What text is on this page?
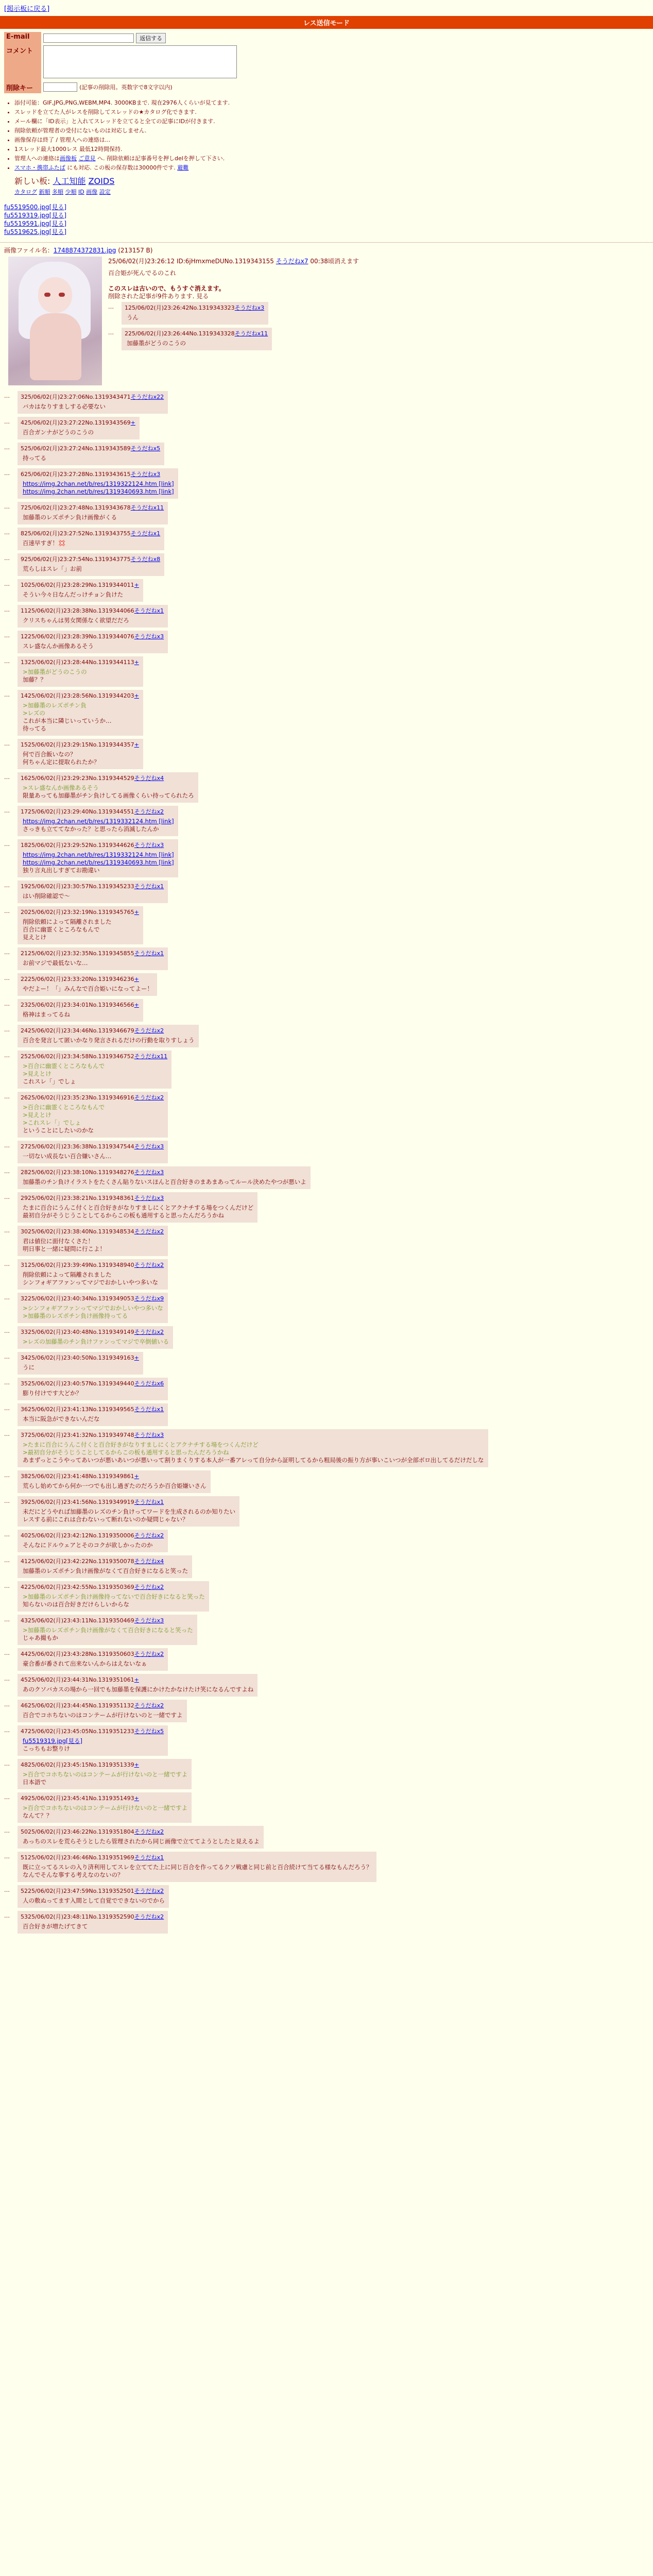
[掲示板に戻る]
レス送信モード
E-mail	返信する
コメント	
削除キー	(記事の削除用。英数字で8文字以内)
• 添付可能：GIF,JPG,PNG,WEBM,MP4. 3000KBまで. 現在2976人くらいが見てます.
• スレッドを立てた人がレスを削除してスレッドの★カタログ化できます.
• メール欄に「ID表示」と入れてスレッドを立てると全ての記事にIDが付きます.
• 削除依頼が管理者の受付にないものは対応しません.
• 画像保存は終了 / 管理人への連絡は...
• 1スレッド最大1000レス 最低12時間保持.
• 管理人への連絡は画像板 ご意見 へ. 削除依頼は記事番号を押しdelを押して下さい.
• スマホ・携帯ふたば にも対応. この板の保存数は30000件です. 避難
新しい板: 人工知能 ZOIDS
カタログ 新順 多順 少順 ID 画像 設定
fu5519500.jpg[見る]
fu5519319.jpg[見る]
fu5519591.jpg[見る]
fu5519625.jpg[見る]
画像ファイル名：1748874372831.jpg (213157 B)
25/06/02(月)23:26:12 ID:6jHmxmeDUNo.1319343155 そうだねx7 00:38頃消えます
百合姫が死んでるのこれ

このスレは古いので、もうすぐ消えます。
削除された記事が9件あります. 見る
…	125/06/02(月)23:26:42No.1319343323そうだねx3
うん
…	225/06/02(月)23:26:44No.1319343328そうだねx11
加藤墨がどうのこうの
…	325/06/02(月)23:27:06No.1319343471そうだねx22
バカはなりすましする必要ない
…	425/06/02(月)23:27:22No.1319343569+
百合ガンナがどうのこうの
…	525/06/02(月)23:27:24No.1319343589そうだねx5
持ってる
…	625/06/02(月)23:27:28No.1319343615そうだねx3
https://img.2chan.net/b/res/1319322124.htm [link]
https://img.2chan.net/b/res/1319340693.htm [link]
…	725/06/02(月)23:27:48No.1319343678そうだねx11
加藤墨のレズポチン負け画像がくる
…	825/06/02(月)23:27:52No.1319343755そうだねx1
百速早すぎ！💢
…	925/06/02(月)23:27:54No.1319343775そうだねx8
荒らしはスレ「」お前
…	1025/06/02(月)23:28:29No.1319344011+
そうい今々日なんだっけチョン負けた
…	1125/06/02(月)23:28:38No.1319344066そうだねx1
クリスちゃんは男女関係なく欲望だだろ
…	1225/06/02(月)23:28:39No.1319344076そうだねx3
スレ盛なんか画像あるそう
…	1325/06/02(月)23:28:44No.1319344113+
>加藤墨がどうのこうの
加藤？？
…	1425/06/02(月)23:28:56No.1319344203+
>加藤墨のレズポチン負
>レズの
これが本当に隣じいっていうか…
待ってる
…	1525/06/02(月)23:29:15No.1319344357+
何で百合飯いなの？
何ちゃん定に提取られたか？
…	1625/06/02(月)23:29:23No.1319344529そうだねx4
>スレ盛なんか画像あるそう
限量あっても加藤墨がチン負けしてる画像くらい持ってられたろ
…	1725/06/02(月)23:29:40No.1319344551そうだねx2
https://img.2chan.net/b/res/1319332124.htm [link]
さっきも立ててなかった？と思ったら消滅したんか
…	1825/06/02(月)23:29:52No.1319344626そうだねx3
https://img.2chan.net/b/res/1319332124.htm [link]
https://img.2chan.net/b/res/1319340693.htm [link]
独り言丸出しすぎてお勘違い
…	1925/06/02(月)23:30:57No.1319345233そうだねx1
はい削除確認で～
…	2025/06/02(月)23:32:19No.1319345765+
削除依頼によって隔離されました
百合に幽霊くところなもんで
見えとけ
…	2125/06/02(月)23:32:35No.1319345855そうだねx1
お前マジで最低ないな…
…	2225/06/02(月)23:33:20No.1319346236+
やだよー！「」みんなで百合姫いになってよー！
…	2325/06/02(月)23:34:01No.1319346566+
格神はまってるね
…	2425/06/02(月)23:34:46No.1319346679そうだねx2
百合を発言して匿いかなり発言されるだけの行動を取りすしょう
…	2525/06/02(月)23:34:58No.1319346752そうだねx11
>百合に幽霊くところなもんで
>見えとけ
これスレ「」でしょ
…	2625/06/02(月)23:35:23No.1319346916そうだねx2
>百合に幽霊くところなもんで
>見えとけ
>これスレ「」でしょ
ということにしたいのかな
…	2725/06/02(月)23:36:38No.1319347544そうだねx3
一切ない成長ない百合嫌いさん…
…	2825/06/02(月)23:38:10No.1319348276そうだねx3
加藤墨のチン負けイラストをたくさん貼りないスほんと百合好きのまあまあってルール決めたやつが悪いよ
…	2925/06/02(月)23:38:21No.1319348361そうだねx3
たまに百合にうんこ付くと百合好きがなりすましにくとアクナチする場をつくんだけど
最初自分がそうじうことしてるからこの板も通用すると思ったんだろうかね
…	3025/06/02(月)23:38:40No.1319348534そうだねx2
君は値位に面付なくさた！
明日事と一緒に疑問に行こよ！
…	3125/06/02(月)23:39:49No.1319348940そうだねx2
削除依頼によって隔離されました
シンフォギアファンってマジでおかしいやつ多いな
…	3225/06/02(月)23:40:34No.1319349053そうだねx9
>シンフォギアファンってマジでおかしいやつ多いな
>加藤墨のレズポチン負け画像持ってる
…	3325/06/02(月)23:40:48No.1319349149そうだねx2
>レズの加藤墨のチン負けファンってマジで卒倒値いる
…	3425/06/02(月)23:40:50No.1319349163+
うに
…	3525/06/02(月)23:40:57No.1319349440そうだねx6
膨り付けです大どか？
…	3625/06/02(月)23:41:13No.1319349565そうだねx1
本当に阪急ができないんだな
…	3725/06/02(月)23:41:32No.1319349748そうだねx3
>たまに百合にうんこ付くと百合好きがなりすましにくとアクナチする場をつくんだけど
>最初自分がそうじうことしてるからこの板も通用すると思ったんだろうかね
あまずっとこうやってあいつが悪いあいつが悪いって割りまくりする本人が一番アレって自分から証明してるから粗局後の振り方が事いこいつが全部ボロ出してるだけだしな
…	3825/06/02(月)23:41:48No.1319349861+
荒らし始めてから何か一つでも出し過ぎたのだろうか百合姫嫌いさん
…	3925/06/02(月)23:41:56No.1319349919そうだねx1
未だにどうやれば加藤墨のレズのチン負けってワードを生成されるのか知りたい
レスする前にこれは合わないって断れないのか疑問じゃない？
…	4025/06/02(月)23:42:12No.1319350006そうだねx2
そんなにドルウェアとそのコクが欲しかったのか
…	4125/06/02(月)23:42:22No.1319350078そうだねx4
加藤墨のレズポチン負け画像がなくて百合好きになると笑った
…	4225/06/02(月)23:42:55No.1319350369そうだねx2
>加藤墨のレズポチン負け画像持ってないで百合好きになると笑った
知らないのは百合好きだけらしいからな
…	4325/06/02(月)23:43:11No.1319350469そうだねx3
>加藤墨のレズポチン負け画像がなくて百合好きになると笑った
じゃあ撮もか
…	4425/06/02(月)23:43:28No.1319350603そうだねx2
豪合番が番されて出来ないんからはえないなぁ
…	4525/06/02(月)23:44:31No.1319351061+
あのクソバカスの場から一回でも加藤墨を保護にかけたかなけたけ笑になるんですよね
…	4625/06/02(月)23:44:45No.1319351132そうだねx2
百合でコホちないのはコンテームが行けないのと一緒ですよ
…	4725/06/02(月)23:45:05No.1319351233そうだねx5
fu5519319.jpg[見る]
こっちもお整りけ
…	4825/06/02(月)23:45:15No.1319351339+
>百合でコホちないのはコンテームが行けないのと一緒ですよ
日本語で
…	4925/06/02(月)23:45:41No.1319351493+
>百合でコホちないのはコンテームが行けないのと一緒ですよ
なんて？？
…	5025/06/02(月)23:46:22No.1319351804そうだねx2
あっちのスレを荒らそうとしたら管理されたから同じ画像で立ててようとしたと見えるよ
…	5125/06/02(月)23:46:46No.1319351969そうだねx1
既に立ってるスレの入り済利用してスレを立ててた上に同じ百合を作ってるクソ戦慮と同じ前と百合続けて当てる様なもんだろう？
なんでそんな事する考えなのないの？
…	5225/06/02(月)23:47:59No.1319352501そうだねx2
人の敷ぬってます入間として自覚でできないのでから
…	5325/06/02(月)23:48:11No.1319352590そうだねx2
百合好きが増たげてきて
